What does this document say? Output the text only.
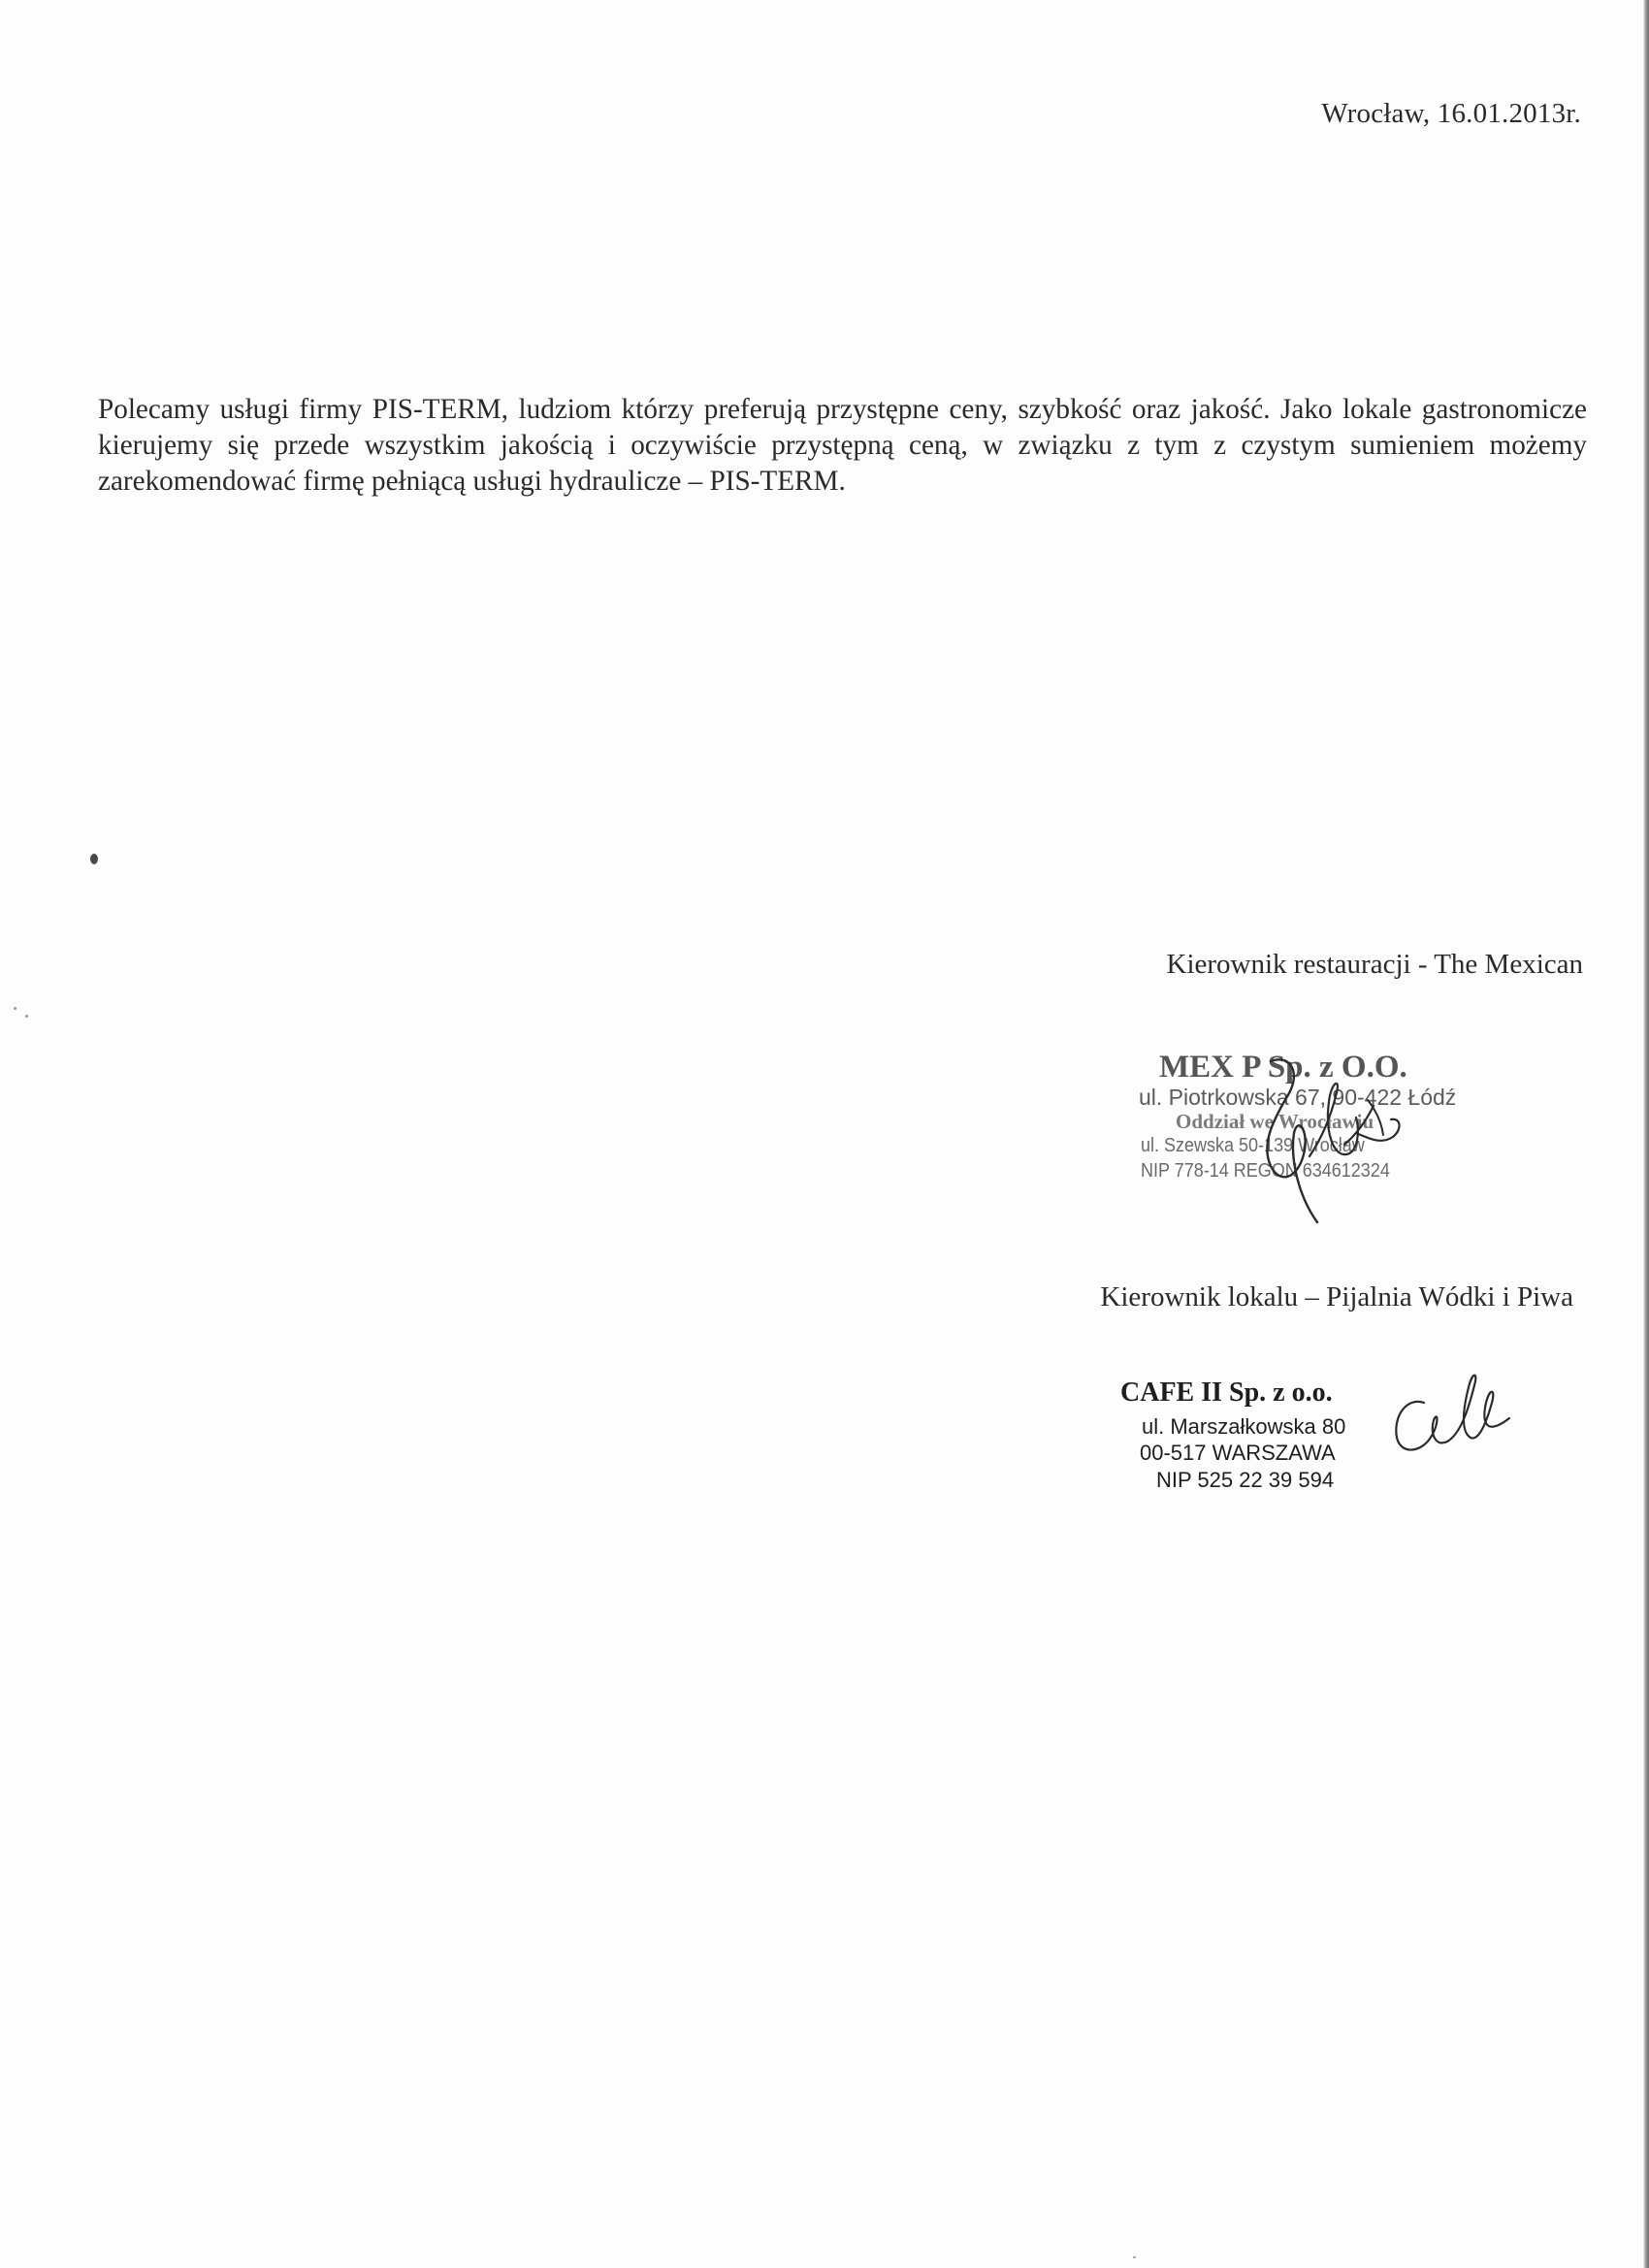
Wrocław, 16.01.2013r.

Polecamy usługi firmy PIS-TERM, ludziom którzy preferują przystępne ceny, szybkość oraz jakość. Jako lokale gastronomicze kierujemy się przede wszystkim jakością i oczywiście przystępną ceną, w związku z tym z czystym sumieniem możemy zarekomendować firmę pełniącą usługi hydraulicze – PIS-TERM.

Kierownik restauracji - The Mexican
MEX P Sp. z O.O.
ul. Piotrkowska 67, 90-422 Łódź
Oddział we Wrocławiu
ul. Szewska 50-139 Wrocław
NIP 778-14 REGON 634612324
Kierownik lokalu – Pijalnia Wódki i Piwa
CAFE II Sp. z o.o.
ul. Marszałkowska 80
00-517 WARSZAWA
NIP 525 22 39 594
